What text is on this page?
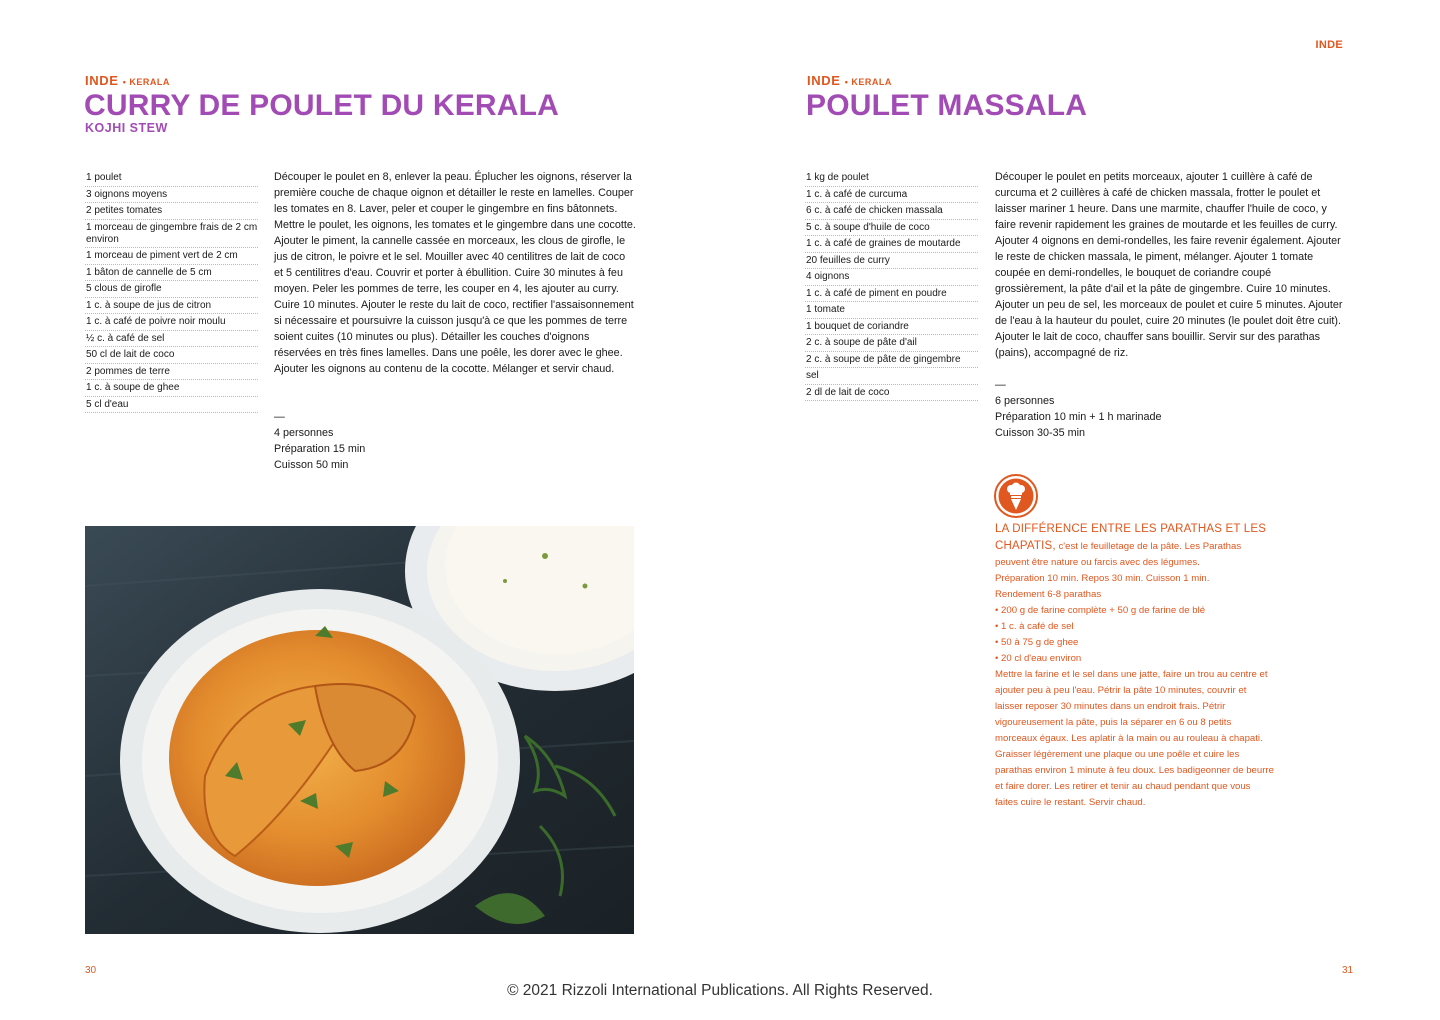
INDE • KERALA
CURRY DE POULET DU KERALA
KOJHI STEW
1 poulet
3 oignons moyens
2 petites tomates
1 morceau de gingembre frais de 2 cm environ
1 morceau de piment vert de 2 cm
1 bâton de cannelle de 5 cm
5 clous de girofle
1 c. à soupe de jus de citron
1 c. à café de poivre noir moulu
½ c. à café de sel
50 cl de lait de coco
2 pommes de terre
1 c. à soupe de ghee
5 cl d'eau
Découper le poulet en 8, enlever la peau. Éplucher les oignons, réserver la première couche de chaque oignon et détailler le reste en lamelles. Couper les tomates en 8. Laver, peler et couper le gingembre en fins bâtonnets. Mettre le poulet, les oignons, les tomates et le gingembre dans une cocotte. Ajouter le piment, la cannelle cassée en morceaux, les clous de girofle, le jus de citron, le poivre et le sel. Mouiller avec 40 centilitres de lait de coco et 5 centilitres d'eau. Couvrir et porter à ébullition. Cuire 30 minutes à feu moyen. Peler les pommes de terre, les couper en 4, les ajouter au curry. Cuire 10 minutes. Ajouter le reste du lait de coco, rectifier l'assaisonnement si nécessaire et poursuivre la cuisson jusqu'à ce que les pommes de terre soient cuites (10 minutes ou plus). Détailler les couches d'oignons réservées en très fines lamelles. Dans une poêle, les dorer avec le ghee. Ajouter les oignons au contenu de la cocotte. Mélanger et servir chaud.
—
4 personnes
Préparation 15 min
Cuisson 50 min
30
INDE
INDE • KERALA
POULET MASSALA
1 kg de poulet
1 c. à café de curcuma
6 c. à café de chicken massala
5 c. à soupe d'huile de coco
1 c. à café de graines de moutarde
20 feuilles de curry
4 oignons
1 c. à café de piment en poudre
1 tomate
1 bouquet de coriandre
2 c. à soupe de pâte d'ail
2 c. à soupe de pâte de gingembre
sel
2 dl de lait de coco
Découper le poulet en petits morceaux, ajouter 1 cuillère à café de curcuma et 2 cuillères à café de chicken massala, frotter le poulet et laisser mariner 1 heure. Dans une marmite, chauffer l'huile de coco, y faire revenir rapidement les graines de moutarde et les feuilles de curry. Ajouter 4 oignons en demi-rondelles, les faire revenir également. Ajouter le reste de chicken massala, le piment, mélanger. Ajouter 1 tomate coupée en demi-rondelles, le bouquet de coriandre coupé grossièrement, la pâte d'ail et la pâte de gingembre. Cuire 10 minutes. Ajouter un peu de sel, les morceaux de poulet et cuire 5 minutes. Ajouter de l'eau à la hauteur du poulet, cuire 20 minutes (le poulet doit être cuit). Ajouter le lait de coco, chauffer sans bouillir. Servir sur des parathas (pains), accompagné de riz.
—
6 personnes
Préparation 10 min + 1 h marinade
Cuisson 30-35 min
LA DIFFÉRENCE ENTRE LES PARATHAS ET LES CHAPATIS, c'est le feuilletage de la pâte. Les Parathas peuvent être nature ou farcis avec des légumes.
Préparation 10 min. Repos 30 min. Cuisson 1 min.
Rendement 6-8 parathas
• 200 g de farine complète + 50 g de farine de blé
• 1 c. à café de sel
• 50 à 75 g de ghee
• 20 cl d'eau environ
Mettre la farine et le sel dans une jatte, faire un trou au centre et ajouter peu à peu l'eau. Pétrir la pâte 10 minutes, couvrir et laisser reposer 30 minutes dans un endroit frais. Pétrir vigoureusement la pâte, puis la séparer en 6 ou 8 petits morceaux égaux. Les aplatir à la main ou au rouleau à chapati. Graisser légèrement une plaque ou une poêle et cuire les parathas environ 1 minute à feu doux. Les badigeonner de beurre et faire dorer. Les retirer et tenir au chaud pendant que vous faites cuire le restant. Servir chaud.
31
© 2021 Rizzoli International Publications. All Rights Reserved.
